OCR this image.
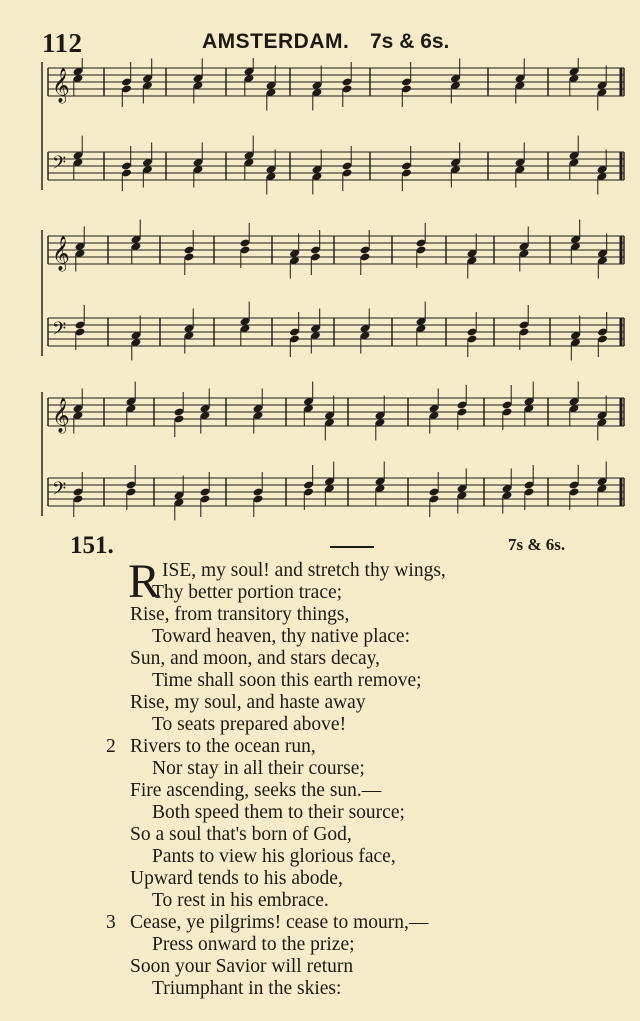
112	AMSTERDAM. 7s & 6s.
𝄞
𝄢
𝄞
𝄢
𝄞
𝄢
151.	7s & 6s.
R ISE, my soul! and stretch thy wings,
Thy better portion trace;
Rise, from transitory things,
Toward heaven, thy native place:
Sun, and moon, and stars decay,
Time shall soon this earth remove;
Rise, my soul, and haste away
To seats prepared above!
2 Rivers to the ocean run,
Nor stay in all their course;
Fire ascending, seeks the sun.—
Both speed them to their source;
So a soul that's born of God,
Pants to view his glorious face,
Upward tends to his abode,
To rest in his embrace.
3 Cease, ye pilgrims! cease to mourn,—
Press onward to the prize;
Soon your Savior will return
Triumphant in the skies:
